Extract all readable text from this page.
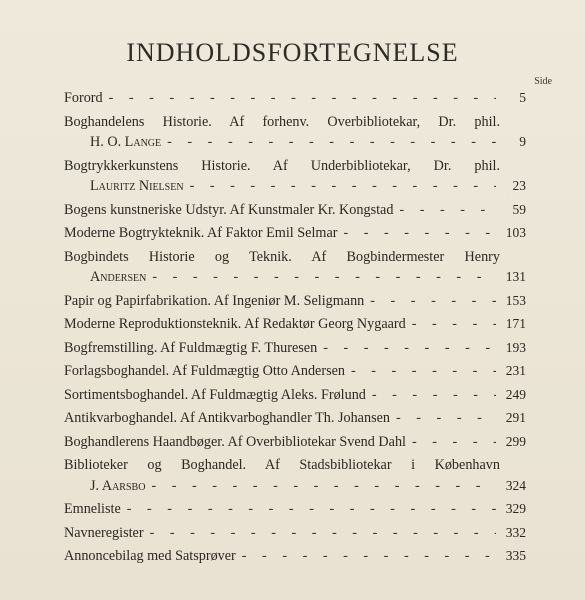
INDHOLDSFORTEGNELSE
Side
Forord - - -	5
Boghandelens Historie. Af forhenv. Overbibliotekar, Dr. phil.
H. O. Lange - - -	9
Bogtrykkerkunstens Historie. Af Underbibliotekar, Dr. phil.
Lauritz Nielsen - - -	23
Bogens kunstneriske Udstyr. Af Kunstmaler Kr. Kongstad - - -	59
Moderne Bogtrykteknik. Af Faktor Emil Selmar - - -	103
Bogbindets Historie og Teknik. Af Bogbindermester Henry
Andersen - - -	131
Papir og Papirfabrikation. Af Ingeniør M. Seligmann - - -	153
Moderne Reproduktionsteknik. Af Redaktør Georg Nygaard - - -	171
Bogfremstilling. Af Fuldmægtig F. Thuresen - - -	193
Forlagsboghandel. Af Fuldmægtig Otto Andersen - - -	231
Sortimentsboghandel. Af Fuldmægtig Aleks. Frølund - - -	249
Antikvarboghandel. Af Antikvarboghandler Th. Johansen - - -	291
Boghandlerens Haandbøger. Af Overbibliotekar Svend Dahl - - -	299
Biblioteker og Boghandel. Af Stadsbibliotekar i København
J. Aarsbo - - -	324
Emneliste - - -	329
Navneregister - - -	332
Annoncebilag med Satsprøver - - -	335
